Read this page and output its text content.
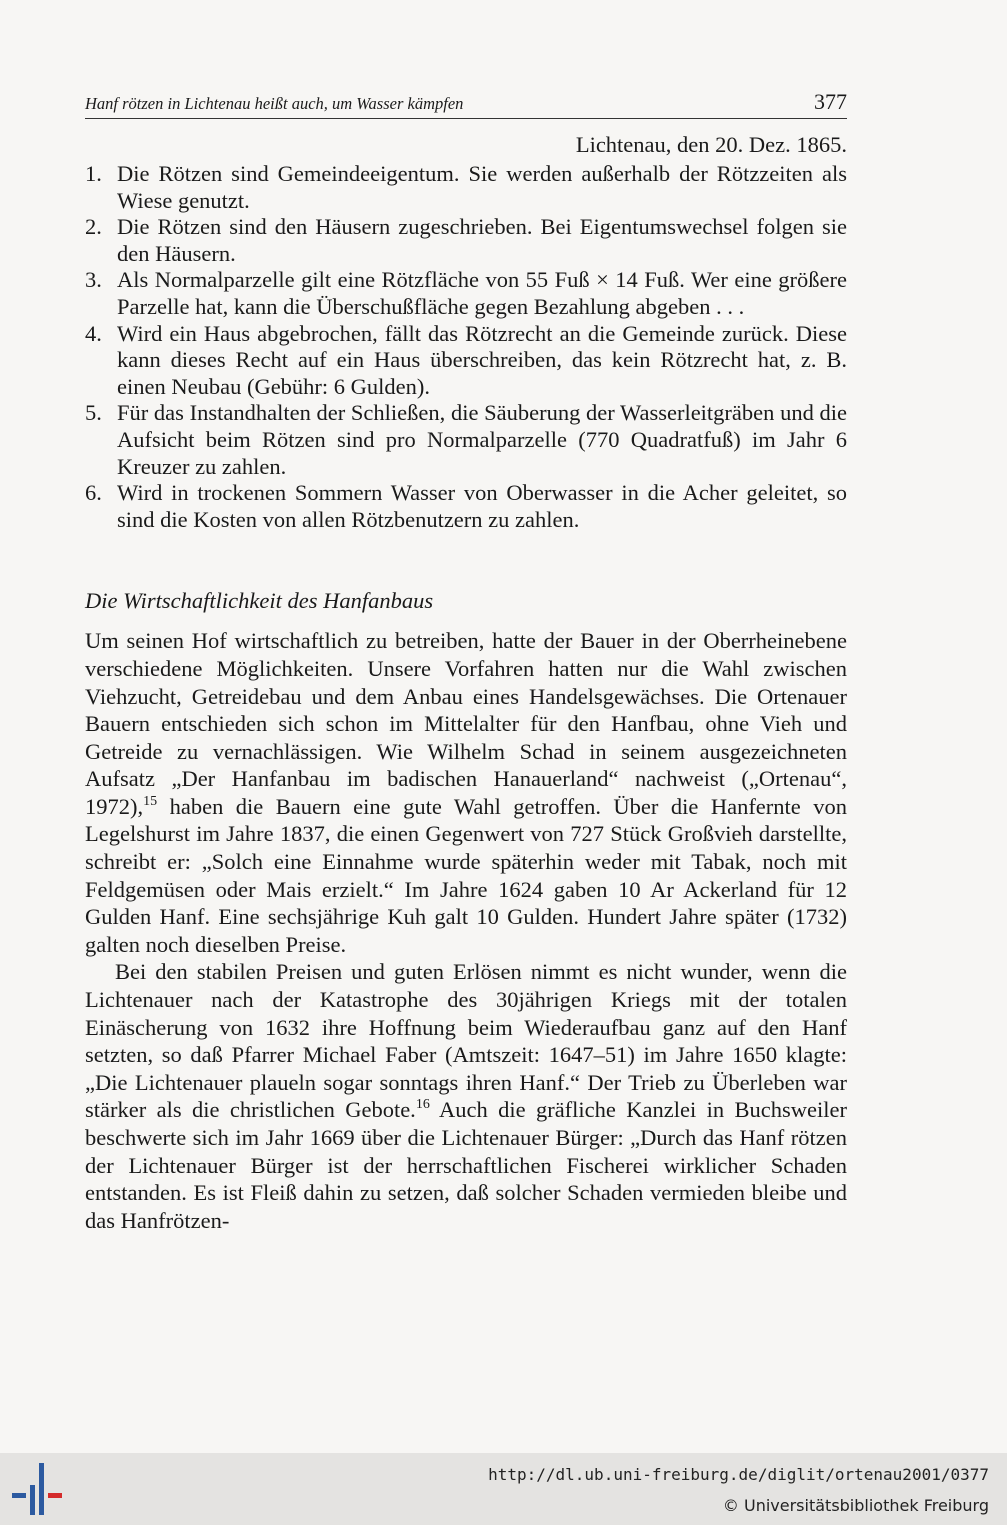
Hanf rötzen in Lichtenau heißt auch, um Wasser kämpfen	377
Lichtenau, den 20. Dez. 1865.
1. Die Rötzen sind Gemeindeeigentum. Sie werden außerhalb der Rötzzeiten als Wiese genutzt.
2. Die Rötzen sind den Häusern zugeschrieben. Bei Eigentumswechsel folgen sie den Häusern.
3. Als Normalparzelle gilt eine Rötzfläche von 55 Fuß × 14 Fuß. Wer eine größere Parzelle hat, kann die Überschußfläche gegen Bezahlung abgeben . . .
4. Wird ein Haus abgebrochen, fällt das Rötzrecht an die Gemeinde zurück. Diese kann dieses Recht auf ein Haus überschreiben, das kein Rötzrecht hat, z. B. einen Neubau (Gebühr: 6 Gulden).
5. Für das Instandhalten der Schließen, die Säuberung der Wasserleitgräben und die Aufsicht beim Rötzen sind pro Normalparzelle (770 Quadratfuß) im Jahr 6 Kreuzer zu zahlen.
6. Wird in trockenen Sommern Wasser von Oberwasser in die Acher geleitet, so sind die Kosten von allen Rötzbenutzern zu zahlen.
Die Wirtschaftlichkeit des Hanfanbaus

Um seinen Hof wirtschaftlich zu betreiben, hatte der Bauer in der Oberrheinebene verschiedene Möglichkeiten. Unsere Vorfahren hatten nur die Wahl zwischen Viehzucht, Getreidebau und dem Anbau eines Handelsgewächses. Die Ortenauer Bauern entschieden sich schon im Mittelalter für den Hanfbau, ohne Vieh und Getreide zu vernachlässigen. Wie Wilhelm Schad in seinem ausgezeichneten Aufsatz „Der Hanfanbau im badischen Hanauerland“ nachweist („Ortenau“, 1972),$^{15}$ haben die Bauern eine gute Wahl getroffen. Über die Hanfernte von Legelshurst im Jahre 1837, die einen Gegenwert von 727 Stück Großvieh darstellte, schreibt er: „Solch eine Einnahme wurde späterhin weder mit Tabak, noch mit Feldgemüsen oder Mais erzielt.“ Im Jahre 1624 gaben 10 Ar Ackerland für 12 Gulden Hanf. Eine sechsjährige Kuh galt 10 Gulden. Hundert Jahre später (1732) galten noch dieselben Preise.

Bei den stabilen Preisen und guten Erlösen nimmt es nicht wunder, wenn die Lichtenauer nach der Katastrophe des 30jährigen Kriegs mit der totalen Einäscherung von 1632 ihre Hoffnung beim Wiederaufbau ganz auf den Hanf setzten, so daß Pfarrer Michael Faber (Amtszeit: 1647–51) im Jahre 1650 klagte: „Die Lichtenauer plaueln sogar sonntags ihren Hanf.“ Der Trieb zu Überleben war stärker als die christlichen Gebote.$^{16}$ Auch die gräfliche Kanzlei in Buchsweiler beschwerte sich im Jahr 1669 über die Lichtenauer Bürger: „Durch das Hanf rötzen der Lichtenauer Bürger ist der herrschaftlichen Fischerei wirklicher Schaden entstanden. Es ist Fleiß dahin zu setzen, daß solcher Schaden vermieden bleibe und das Hanfrötzen-

http://dl.ub.uni-freiburg.de/diglit/ortenau2001/0377
© Universitätsbibliothek Freiburg
